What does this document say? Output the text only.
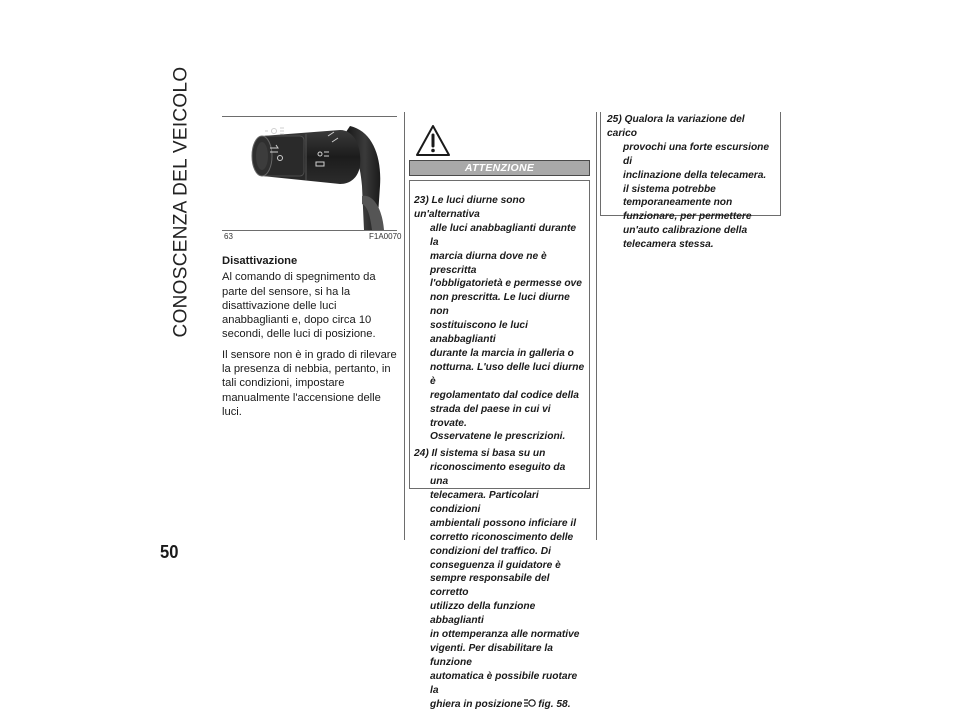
CONOSCENZA DEL VEICOLO
50
63	F1A0070
Disattivazione

Al comando di spegnimento da parte del sensore, si ha la disattivazione delle luci anabbaglianti e, dopo circa 10 secondi, delle luci di posizione.

Il sensore non è in grado di rilevare la presenza di nebbia, pertanto, in tali condizioni, impostare manualmente l'accensione delle luci.

ATTENZIONE
23) Le luci diurne sono un'alternativa
alle luci anabbaglianti durante la
marcia diurna dove ne è prescritta
l'obbligatorietà e permesse ove
non prescritta. Le luci diurne non
sostituiscono le luci anabbaglianti
durante la marcia in galleria o
notturna. L'uso delle luci diurne è
regolamentato dal codice della
strada del paese in cui vi trovate.
Osservatene le prescrizioni.
24) Il sistema si basa su un
riconoscimento eseguito da una
telecamera. Particolari condizioni
ambientali possono inficiare il
corretto riconoscimento delle
condizioni del traffico. Di
conseguenza il guidatore è
sempre responsabile del corretto
utilizzo della funzione abbaglianti
in ottemperanza alle normative
vigenti. Per disabilitare la funzione
automatica è possibile ruotare la
ghiera in posizione fig. 58.
25) Qualora la variazione del carico
provochi una forte escursione di
inclinazione della telecamera.
il sistema potrebbe
temporaneamente non
funzionare, per permettere
un'auto calibrazione della
telecamera stessa.
